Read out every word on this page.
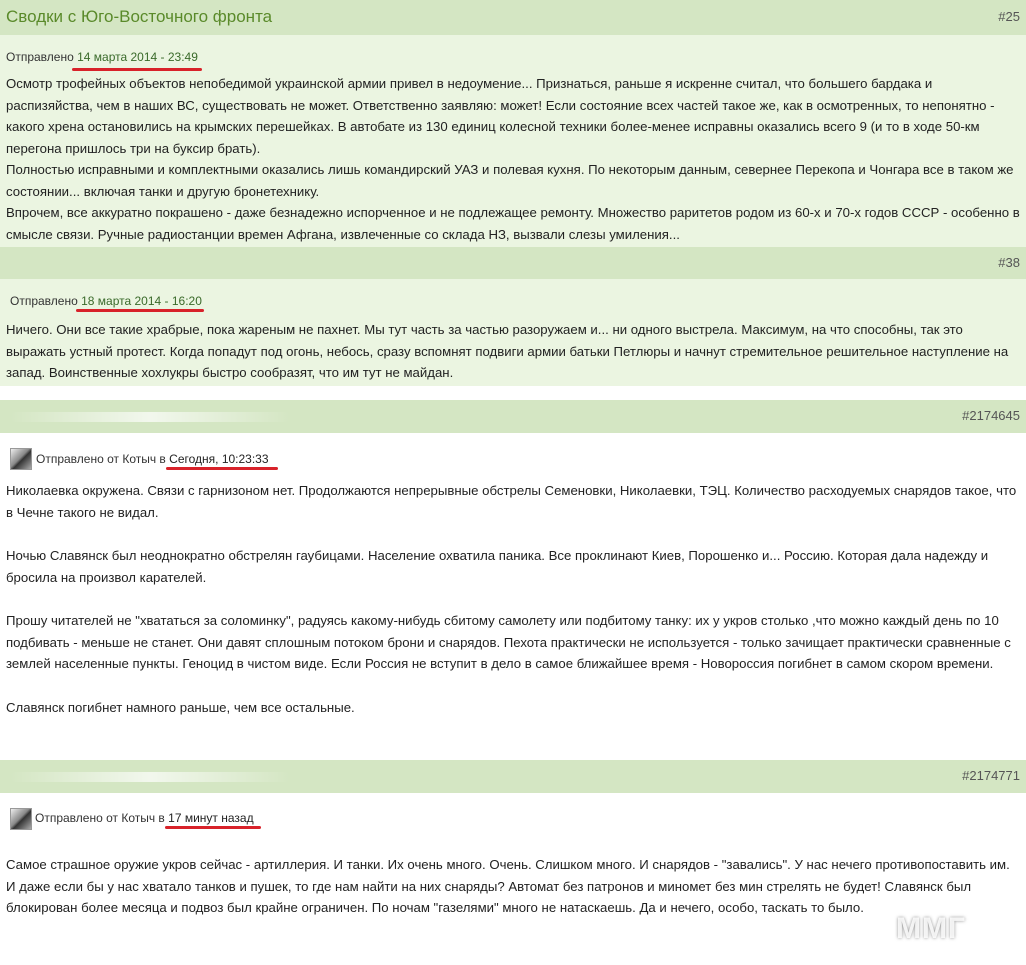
Сводки с Юго-Восточного фронта	#25
Отправлено 14 марта 2014 - 23:49

Осмотр трофейных объектов непобедимой украинской армии привел в недоумение... Признаться, раньше я искренне считал, что большего бардака и распизяйства, чем в наших ВС, существовать не может. Ответственно заявляю: может! Если состояние всех частей такое же, как в осмотренных, то непонятно - какого хрена остановились на крымских перешейках. В автобате из 130 единиц колесной техники более-менее исправны оказались всего 9 (и то в ходе 50-км перегона пришлось три на буксир брать).

Полностью исправными и комплектными оказались лишь командирский УАЗ и полевая кухня. По некоторым данным, севернее Перекопа и Чонгара все в таком же состоянии... включая танки и другую бронетехнику.

Впрочем, все аккуратно покрашено - даже безнадежно испорченное и не подлежащее ремонту. Множество раритетов родом из 60-х и 70-х годов СССР - особенно в смысле связи. Ручные радиостанции времен Афгана, извлеченные со склада НЗ, вызвали слезы умиления...

#38
Отправлено 18 марта 2014 - 16:20

Ничего. Они все такие храбрые, пока жареным не пахнет. Мы тут часть за частью разоружаем и... ни одного выстрела. Максимум, на что способны, так это выражать устный протест. Когда попадут под огонь, небось, сразу вспомнят подвиги армии батьки Петлюры и начнут стремительное решительное наступление на запад. Воинственные хохлукры быстро сообразят, что им тут не майдан.

#2174645
Отправлено от Котыч в Сегодня, 10:23:33

Николаевка окружена. Связи с гарнизоном нет. Продолжаются непрерывные обстрелы Семеновки, Николаевки, ТЭЦ. Количество расходуемых снарядов такое, что в Чечне такого не видал.

Ночью Славянск был неоднократно обстрелян гаубицами. Население охватила паника. Все проклинают Киев, Порошенко и... Россию. Которая дала надежду и бросила на произвол карателей.

Прошу читателей не "хвататься за соломинку", радуясь какому-нибудь сбитому самолету или подбитому танку: их у укров столько ,что можно каждый день по 10 подбивать - меньше не станет. Они давят сплошным потоком брони и снарядов. Пехота практически не используется - только зачищает практически сравненные с землей населенные пункты. Геноцид в чистом виде. Если Россия не вступит в дело в самое ближайшее время - Новороссия погибнет в самом скором времени.

Славянск погибнет намного раньше, чем все остальные.

#2174771
Отправлено от Котыч в 17 минут назад

Самое страшное оружие укров сейчас - артиллерия. И танки. Их очень много. Очень. Слишком много. И снарядов - "завались". У нас нечего противопоставить им. И даже если бы у нас хватало танков и пушек, то где нам найти на них снаряды? Автомат без патронов и миномет без мин стрелять не будет! Славянск был блокирован более месяца и подвоз был крайне ограничен. По ночам "газелями" много не натаскаешь. Да и нечего, особо, таскать то было.

ММГ
